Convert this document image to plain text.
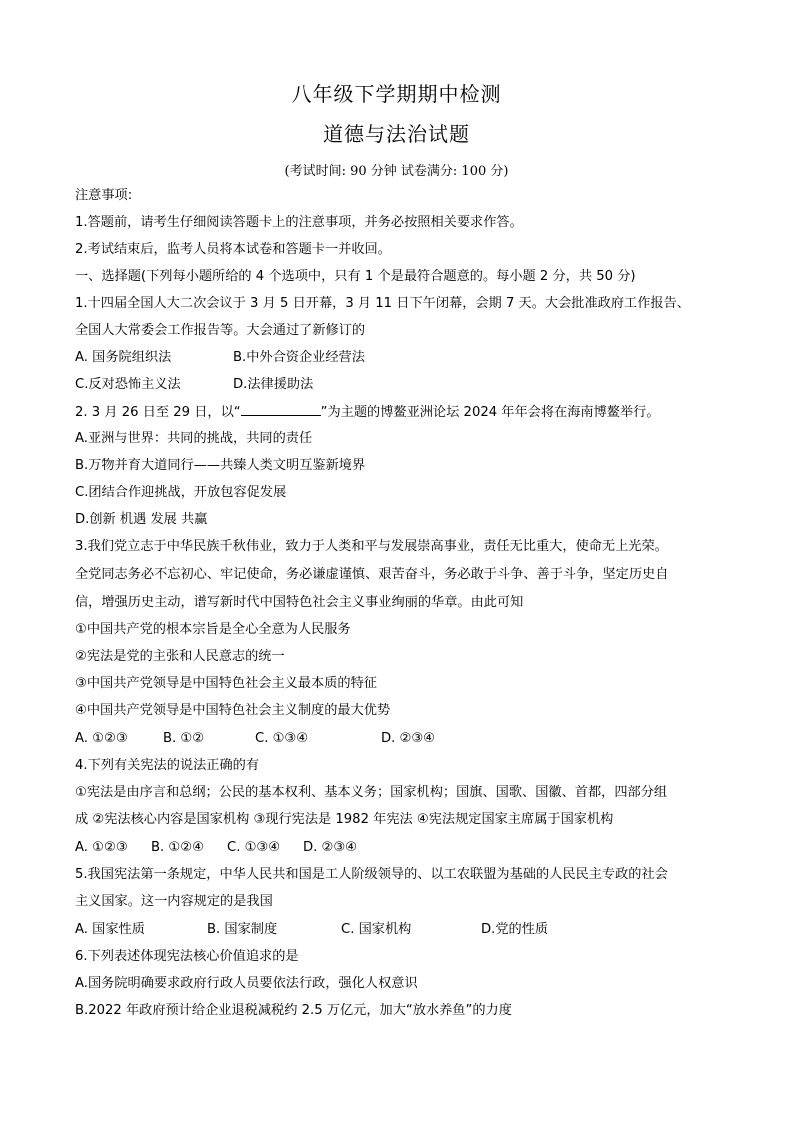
八年级下学期期中检测
道德与法治试题
(考试时间: 90 分钟 试卷满分: 100 分)
注意事项:
1.答题前，请考生仔细阅读答题卡上的注意事项，并务必按照相关要求作答。
2.考试结束后，监考人员将本试卷和答题卡一并收回。
一、选择题(下列每小题所给的 4 个选项中，只有 1 个是最符合题意的。每小题 2 分，共 50 分)
1.十四届全国人大二次会议于 3 月 5 日开幕，3 月 11 日下午闭幕，会期 7 天。大会批准政府工作报告、
全国人大常委会工作报告等。大会通过了新修订的
A. 国务院组织法	B.中外合资企业经营法
C.反对恐怖主义法	D.法律援助法
2. 3 月 26 日至 29 日，以“	”为主题的博鳌亚洲论坛 2024 年年会将在海南博鳌举行。
A.亚洲与世界：共同的挑战，共同的责任
B.万物并育大道同行——共臻人类文明互鉴新境界
C.团结合作迎挑战，开放包容促发展
D.创新 机遇 发展 共赢
3.我们党立志于中华民族千秋伟业，致力于人类和平与发展崇高事业，责任无比重大，使命无上光荣。
全党同志务必不忘初心、牢记使命，务必谦虚谨慎、艰苦奋斗，务必敢于斗争、善于斗争，坚定历史自
信，增强历史主动，谱写新时代中国特色社会主义事业绚丽的华章。由此可知
①中国共产党的根本宗旨是全心全意为人民服务
②宪法是党的主张和人民意志的统一
③中国共产党领导是中国特色社会主义最本质的特征
④中国共产党领导是中国特色社会主义制度的最大优势
A. ①②③	B. ①②	C. ①③④	D. ②③④
4.下列有关宪法的说法正确的有
①宪法是由序言和总纲；公民的基本权利、基本义务；国家机构；国旗、国歌、国徽、首都，四部分组
成 ②宪法核心内容是国家机构 ③现行宪法是 1982 年宪法 ④宪法规定国家主席属于国家机构
A. ①②③ B. ①②④ C. ①③④ D. ②③④
5.我国宪法第一条规定，中华人民共和国是工人阶级领导的、以工农联盟为基础的人民民主专政的社会
主义国家。这一内容规定的是我国
A. 国家性质	B. 国家制度	C. 国家机构	D.党的性质
6.下列表述体现宪法核心价值追求的是
A.国务院明确要求政府行政人员要依法行政，强化人权意识
B.2022 年政府预计给企业退税减税约 2.5 万亿元，加大“放水养鱼”的力度
